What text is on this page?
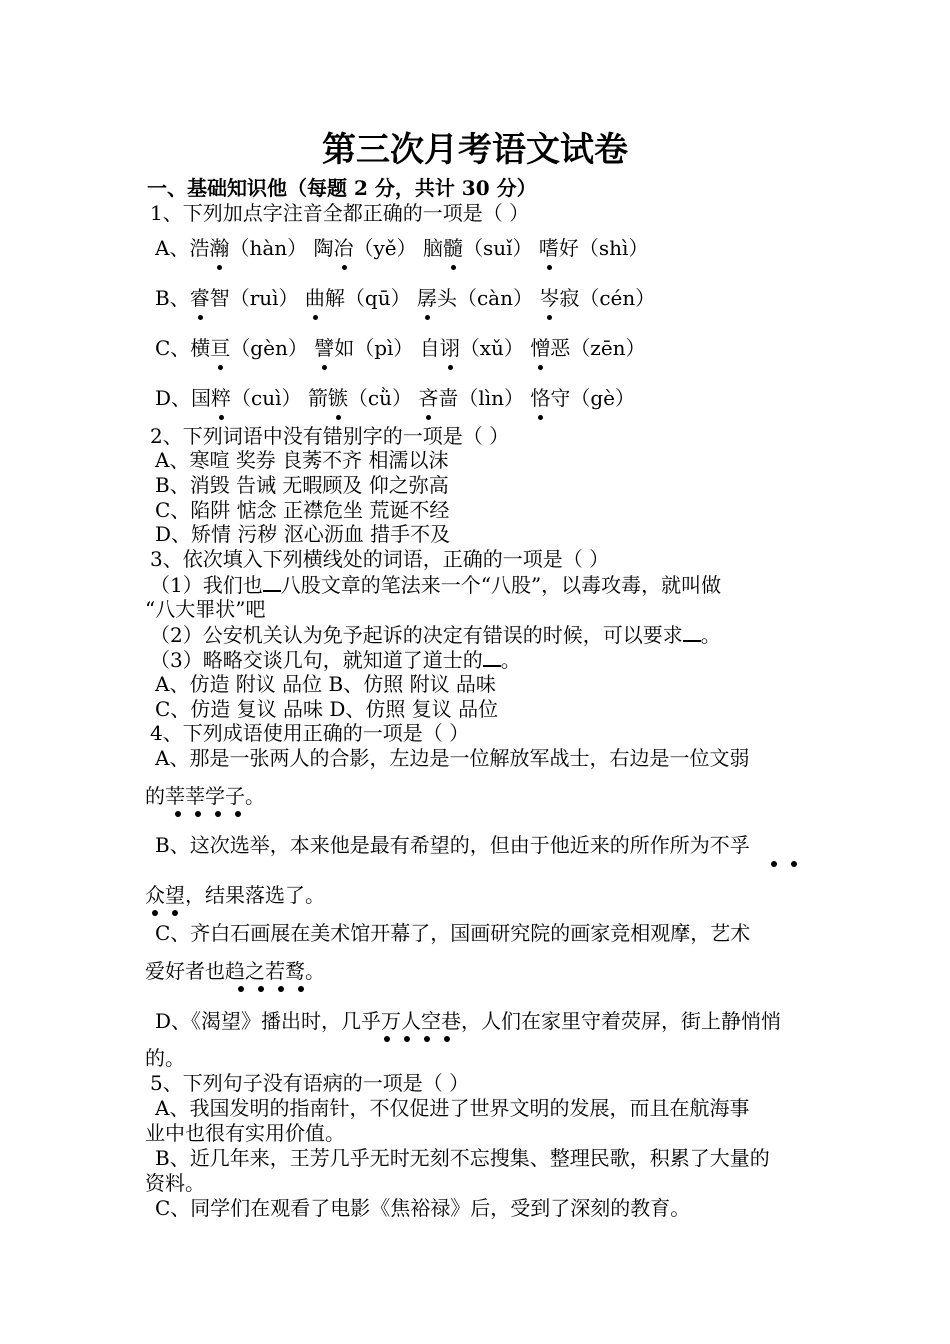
第三次月考语文试卷
一、基础知识他（每题 2 分，共计 30 分）
1、下列加点字注音全都正确的一项是（ ）
A、浩瀚（hàn） 陶冶（yě） 脑髓（suǐ） 嗜好（shì）
B、睿智（ruì） 曲解（qū） 孱头（càn） 岑寂（cén）
C、横亘（gèn） 譬如（pì） 自诩（xǔ） 憎恶（zēn）
D、国粹（cuì） 箭镞（cǜ） 吝啬（lìn） 恪守（gè）
2、下列词语中没有错别字的一项是（ ）
A、寒喧 奖券 良莠不齐 相濡以沫
B、消毁 告诫 无暇顾及 仰之弥高
C、陷阱 惦念 正襟危坐 荒诞不经
D、矫情 污秽 沤心沥血 措手不及
3、依次填入下列横线处的词语，正确的一项是（ ）
（1）我们也 八股文章的笔法来一个“八股”，以毒攻毒，就叫做
“八大罪状”吧
（2）公安机关认为免予起诉的决定有错误的时候，可以要求 。
（3）略略交谈几句，就知道了道士的 。
A、仿造 附议 品位 B、仿照 附议 品味
C、仿造 复议 品味 D、仿照 复议 品位
4、下列成语使用正确的一项是（ ）
A、那是一张两人的合影，左边是一位解放军战士，右边是一位文弱
的莘莘学子。
B、这次选举，本来他是最有希望的，但由于他近来的所作所为不孚
众望，结果落选了。
C、齐白石画展在美术馆开幕了，国画研究院的画家竞相观摩，艺术
爱好者也趋之若鹜。
D、《渴望》播出时，几乎万人空巷，人们在家里守着荧屏，街上静悄悄
的。
5、下列句子没有语病的一项是（ ）
A、我国发明的指南针，不仅促进了世界文明的发展，而且在航海事
业中也很有实用价值。
B、近几年来，王芳几乎无时无刻不忘搜集、整理民歌，积累了大量的
资料。
C、同学们在观看了电影《焦裕禄》后，受到了深刻的教育。
